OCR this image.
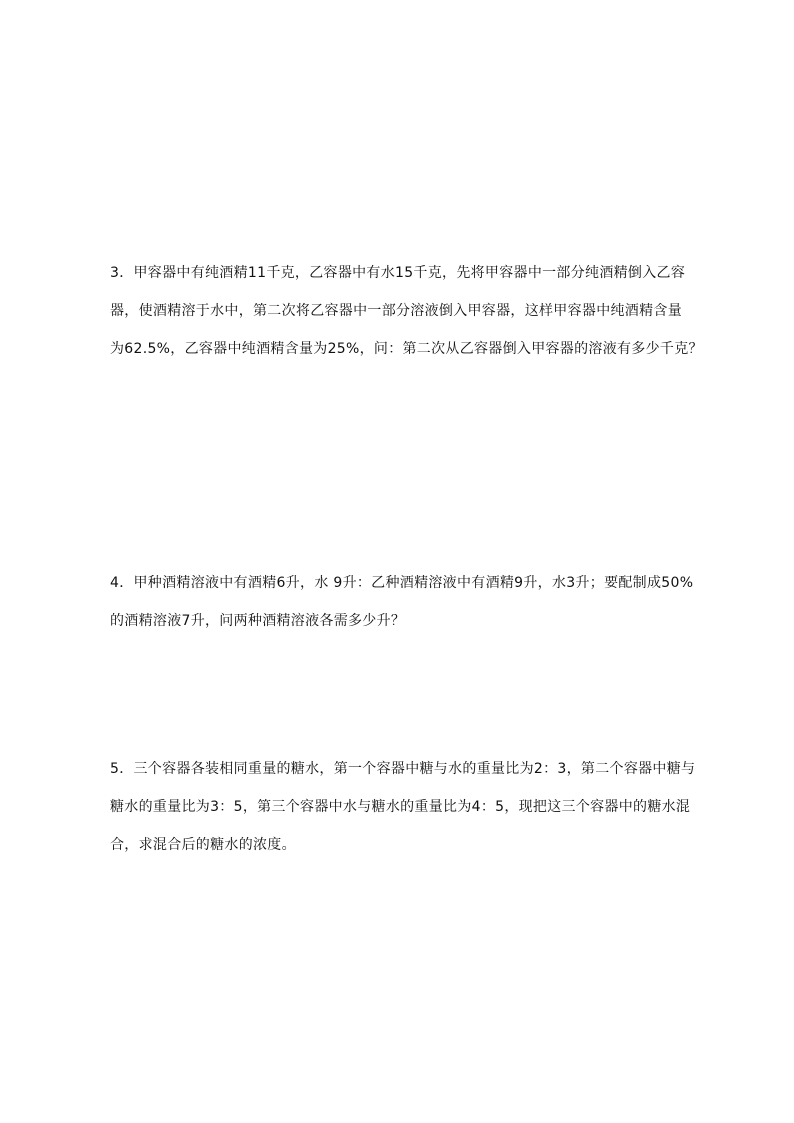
3．甲容器中有纯酒精11千克，乙容器中有水15千克，先将甲容器中一部分纯酒精倒入乙容
器，使酒精溶于水中，第二次将乙容器中一部分溶液倒入甲容器，这样甲容器中纯酒精含量
为62.5%，乙容器中纯酒精含量为25%，问：第二次从乙容器倒入甲容器的溶液有多少千克？

4．甲种酒精溶液中有酒精6升，水 9升：乙种酒精溶液中有酒精9升，水3升；要配制成50%
的酒精溶液7升，问两种酒精溶液各需多少升？

5．三个容器各装相同重量的糖水，第一个容器中糖与水的重量比为2：3，第二个容器中糖与
糖水的重量比为3：5，第三个容器中水与糖水的重量比为4：5，现把这三个容器中的糖水混
合，求混合后的糖水的浓度。
